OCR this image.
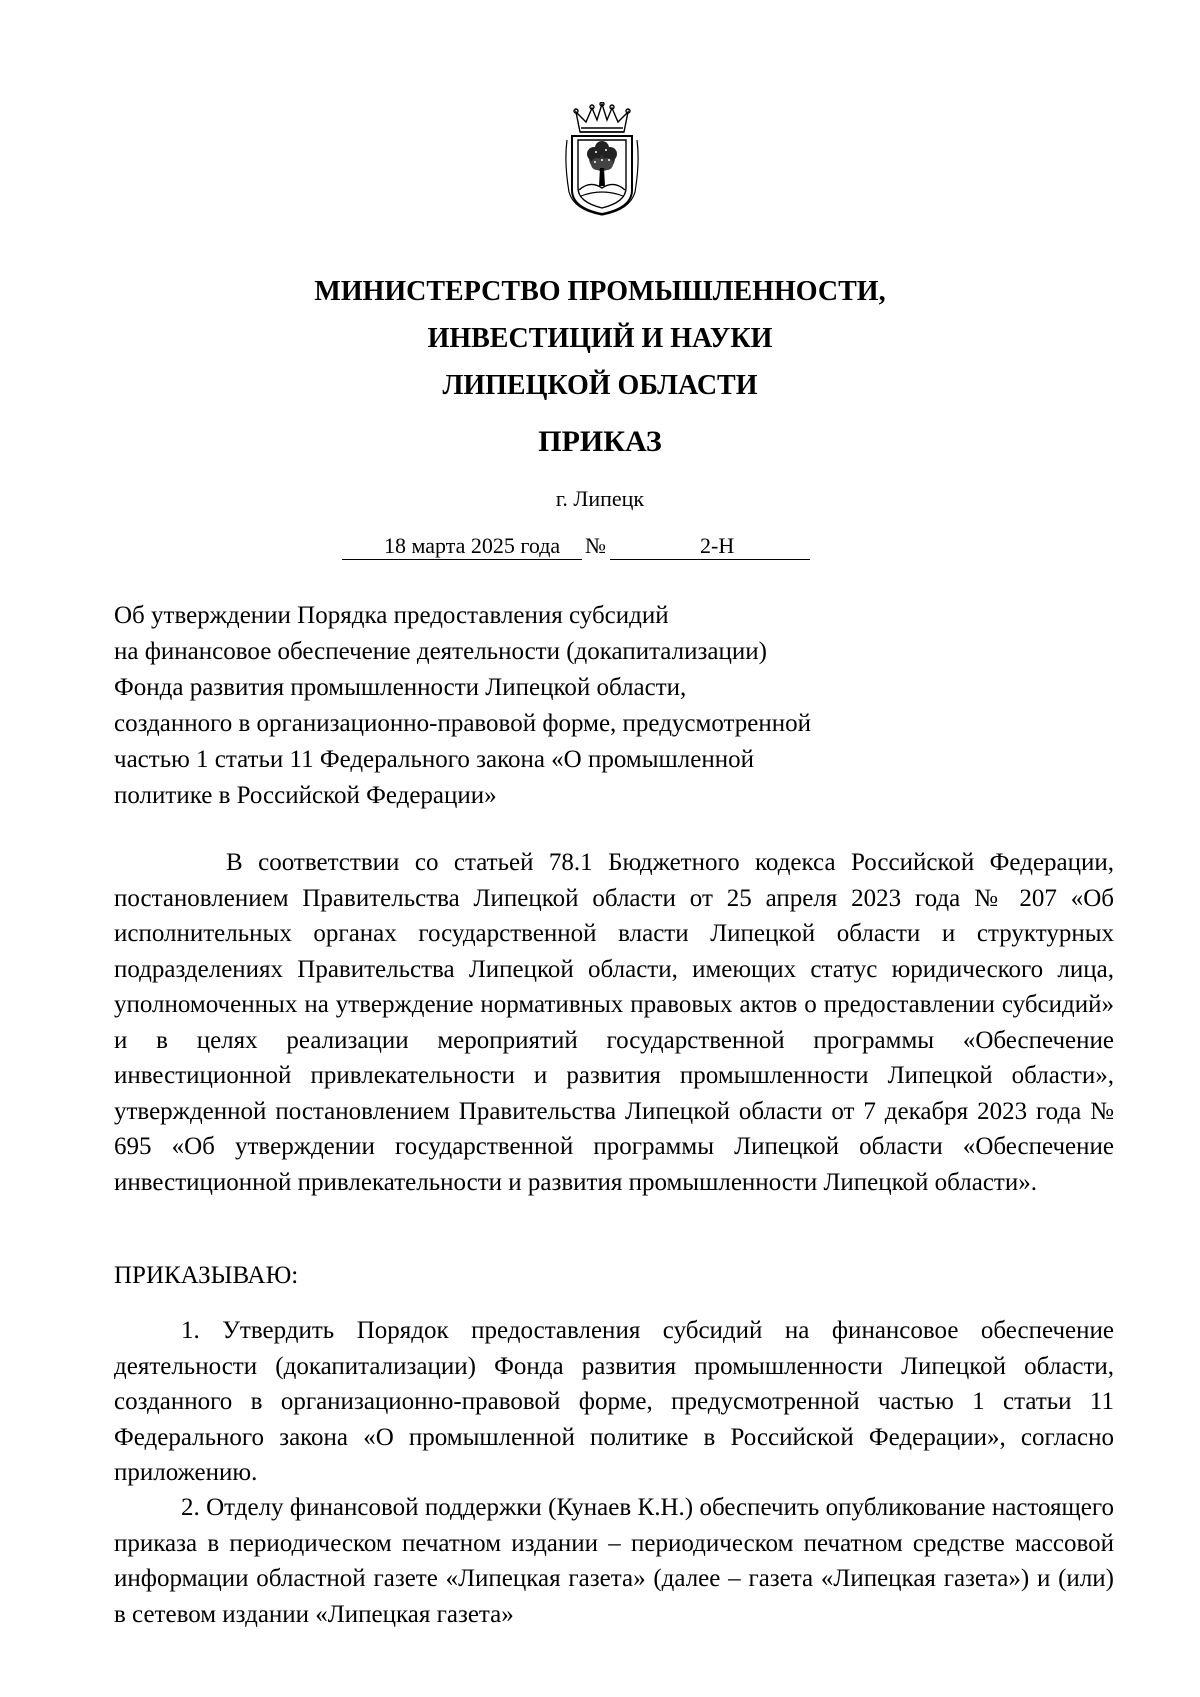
МИНИСТЕРСТВО ПРОМЫШЛЕННОСТИ,
ИНВЕСТИЦИЙ И НАУКИ
ЛИПЕЦКОЙ ОБЛАСТИ
ПРИКАЗ
г. Липецк
18 марта 2025 года №	2-Н
Об утверждении Порядка предоставления субсидий
на финансовое обеспечение деятельности (докапитализации)
Фонда развития промышленности Липецкой области,
созданного в организационно-правовой форме, предусмотренной
частью 1 статьи 11 Федерального закона «О промышленной
политике в Российской Федерации»
В соответствии со статьей 78.1 Бюджетного кодекса Российской Федерации, постановлением Правительства Липецкой области от 25 апреля 2023 года № 207 «Об исполнительных органах государственной власти Липецкой области и структурных подразделениях Правительства Липецкой области, имеющих статус юридического лица, уполномоченных на утверждение нормативных правовых актов о предоставлении субсидий» и в целях реализации мероприятий государственной программы «Обеспечение инвестиционной привлекательности и развития промышленности Липецкой области», утвержденной постановлением Правительства Липецкой области от 7 декабря 2023 года № 695 «Об утверждении государственной программы Липецкой области «Обеспечение инвестиционной привлекательности и развития промышленности Липецкой области».
ПРИКАЗЫВАЮ:
1. Утвердить Порядок предоставления субсидий на финансовое обеспечение деятельности (докапитализации) Фонда развития промышленности Липецкой области, созданного в организационно-правовой форме, предусмотренной частью 1 статьи 11 Федерального закона «О промышленной политике в Российской Федерации», согласно приложению.
2. Отделу финансовой поддержки (Кунаев К.Н.) обеспечить опубликование настоящего приказа в периодическом печатном издании – периодическом печатном средстве массовой информации областной газете «Липецкая газета» (далее – газета «Липецкая газета») и (или) в сетевом издании «Липецкая газета»
